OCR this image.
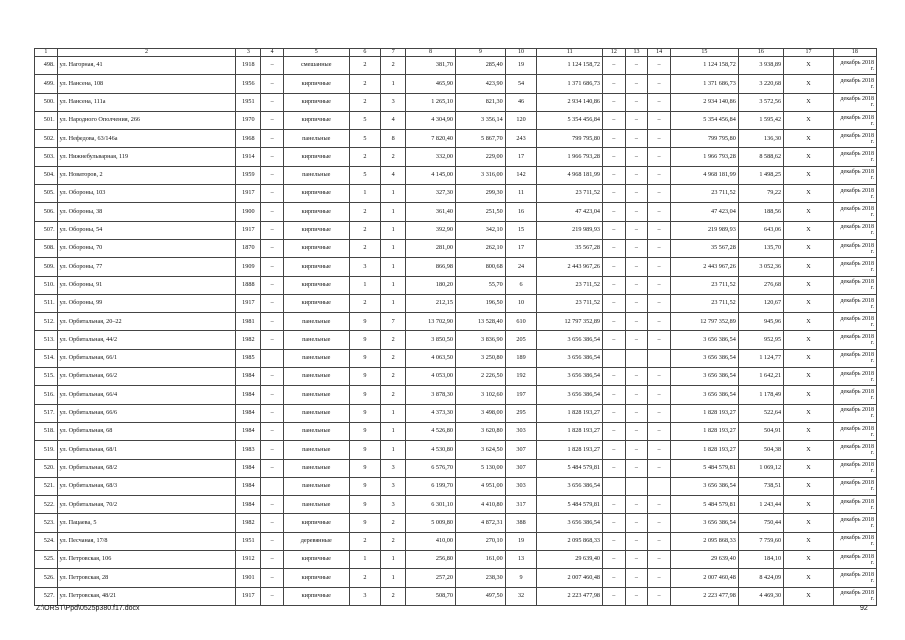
1	2	3	4	5	6	7	8	9	10	11	12	13	14	15	16	17	18
498.	ул. Нагорная, 41	1918	–	смешанные	2	2	381,70	285,40	19	1 124 158,72	–	–	–	1 124 158,72	3 938,89	X	декабрь 2018 г.
499.	ул. Нансена, 108	1956	–	кирпичные	2	1	465,90	423,90	54	1 371 686,73	–	–	–	1 371 686,73	3 220,68	X	декабрь 2018 г.
500.	ул. Нансена, 111а	1951	–	кирпичные	2	3	1 265,10	821,30	46	2 934 140,86	–	–	–	2 934 140,86	3 572,56	X	декабрь 2018 г.
501.	ул. Народного Ополчения, 266	1970	–	кирпичные	5	4	4 304,90	3 356,14	120	5 354 456,84	–	–	–	5 354 456,84	1 595,42	X	декабрь 2018 г.
502.	ул. Нефедова, 63/146а	1968	–	панельные	5	8	7 820,40	5 867,70	243	799 795,80	–	–	–	799 795,80	136,30	X	декабрь 2018 г.
503.	ул. Нижнебульварная, 119	1914	–	кирпичные	2	2	332,00	229,00	17	1 966 793,28	–	–	–	1 966 793,28	8 588,62	X	декабрь 2018 г.
504.	ул. Новаторов, 2	1959	–	панельные	5	4	4 145,00	3 316,00	142	4 968 181,99	–	–	–	4 968 181,99	1 498,25	X	декабрь 2018 г.
505.	ул. Обороны, 103	1917	–	кирпичные	1	1	327,30	299,30	11	23 711,52	–	–	–	23 711,52	79,22	X	декабрь 2018 г.
506.	ул. Обороны, 38	1900	–	кирпичные	2	1	361,40	251,50	16	47 423,04	–	–	–	47 423,04	188,56	X	декабрь 2018 г.
507.	ул. Обороны, 54	1917	–	кирпичные	2	1	392,90	342,10	15	219 989,93	–	–	–	219 989,93	643,06	X	декабрь 2018 г.
508.	ул. Обороны, 70	1870	–	кирпичные	2	1	281,00	262,10	17	35 567,28	–	–	–	35 567,28	135,70	X	декабрь 2018 г.
509.	ул. Обороны, 77	1909	–	кирпичные	3	1	866,98	800,68	24	2 443 967,26	–	–	–	2 443 967,26	3 052,36	X	декабрь 2018 г.
510.	ул. Обороны, 91	1888	–	кирпичные	1	1	180,20	55,70	6	23 711,52	–	–	–	23 711,52	276,68	X	декабрь 2018 г.
511.	ул. Обороны, 99	1917	–	кирпичные	2	1	212,15	196,50	10	23 711,52	–	–	–	23 711,52	120,67	X	декабрь 2018 г.
512.	ул. Орбитальная, 20–22	1981	–	панельные	9	7	13 702,90	13 528,40	610	12 797 352,89	–	–	–	12 797 352,89	945,96	X	декабрь 2018 г.
513.	ул. Орбитальная, 44/2	1982	–	панельные	9	2	3 850,50	3 836,90	205	3 656 386,54	–	–	–	3 656 386,54	952,95	X	декабрь 2018 г.
514.	ул. Орбитальная, 66/1	1985		панельные	9	2	4 063,50	3 250,80	189	3 656 386,54				3 656 386,54	1 124,77	X	декабрь 2018 г.
515.	ул. Орбитальная, 66/2	1984	–	панельные	9	2	4 053,00	2 226,50	192	3 656 386,54	–	–	–	3 656 386,54	1 642,21	X	декабрь 2018 г.
516.	ул. Орбитальная, 66/4	1984	–	панельные	9	2	3 878,30	3 102,60	197	3 656 386,54	–	–	–	3 656 386,54	1 178,49	X	декабрь 2018 г.
517.	ул. Орбитальная, 66/6	1984	–	панельные	9	1	4 373,30	3 498,00	295	1 828 193,27	–	–	–	1 828 193,27	522,64	X	декабрь 2018 г.
518.	ул. Орбитальная, 68	1984	–	панельные	9	1	4 526,80	3 620,80	303	1 828 193,27	–	–	–	1 828 193,27	504,91	X	декабрь 2018 г.
519.	ул. Орбитальная, 68/1	1983	–	панельные	9	1	4 530,80	3 624,50	307	1 828 193,27	–	–	–	1 828 193,27	504,38	X	декабрь 2018 г.
520.	ул. Орбитальная, 68/2	1984	–	панельные	9	3	6 576,70	5 130,00	307	5 484 579,81	–	–	–	5 484 579,81	1 069,12	X	декабрь 2018 г.
521.	ул. Орбитальная, 68/3	1984		панельные	9	3	6 199,70	4 951,00	303	3 656 386,54				3 656 386,54	738,51	X	декабрь 2018 г.
522.	ул. Орбитальная, 70/2	1984	–	панельные	9	3	6 301,10	4 410,80	317	5 484 579,81	–	–	–	5 484 579,81	1 243,44	X	декабрь 2018 г.
523.	ул. Пацаева, 5	1982	–	кирпичные	9	2	5 009,80	4 872,31	388	3 656 386,54	–	–	–	3 656 386,54	750,44	X	декабрь 2018 г.
524.	ул. Песчаная, 17/8	1951	–	деревянные	2	2	410,00	270,10	19	2 095 868,33	–	–	–	2 095 868,33	7 759,60	X	декабрь 2018 г.
525.	ул. Петровская, 106	1912	–	кирпичные	1	1	256,80	161,00	13	29 639,40	–	–	–	29 639,40	184,10	X	декабрь 2018 г.
526.	ул. Петровская, 28	1901	–	кирпичные	2	1	257,20	238,30	9	2 007 460,48	–	–	–	2 007 460,48	8 424,09	X	декабрь 2018 г.
527.	ул. Петровская, 48/21	1917	–	кирпичные	3	2	508,70	497,50	32	2 223 477,98	–	–	–	2 223 477,98	4 469,30	X	декабрь 2018 г.
Z:\ORST\Ppd\0525p380.f17.docx	92
